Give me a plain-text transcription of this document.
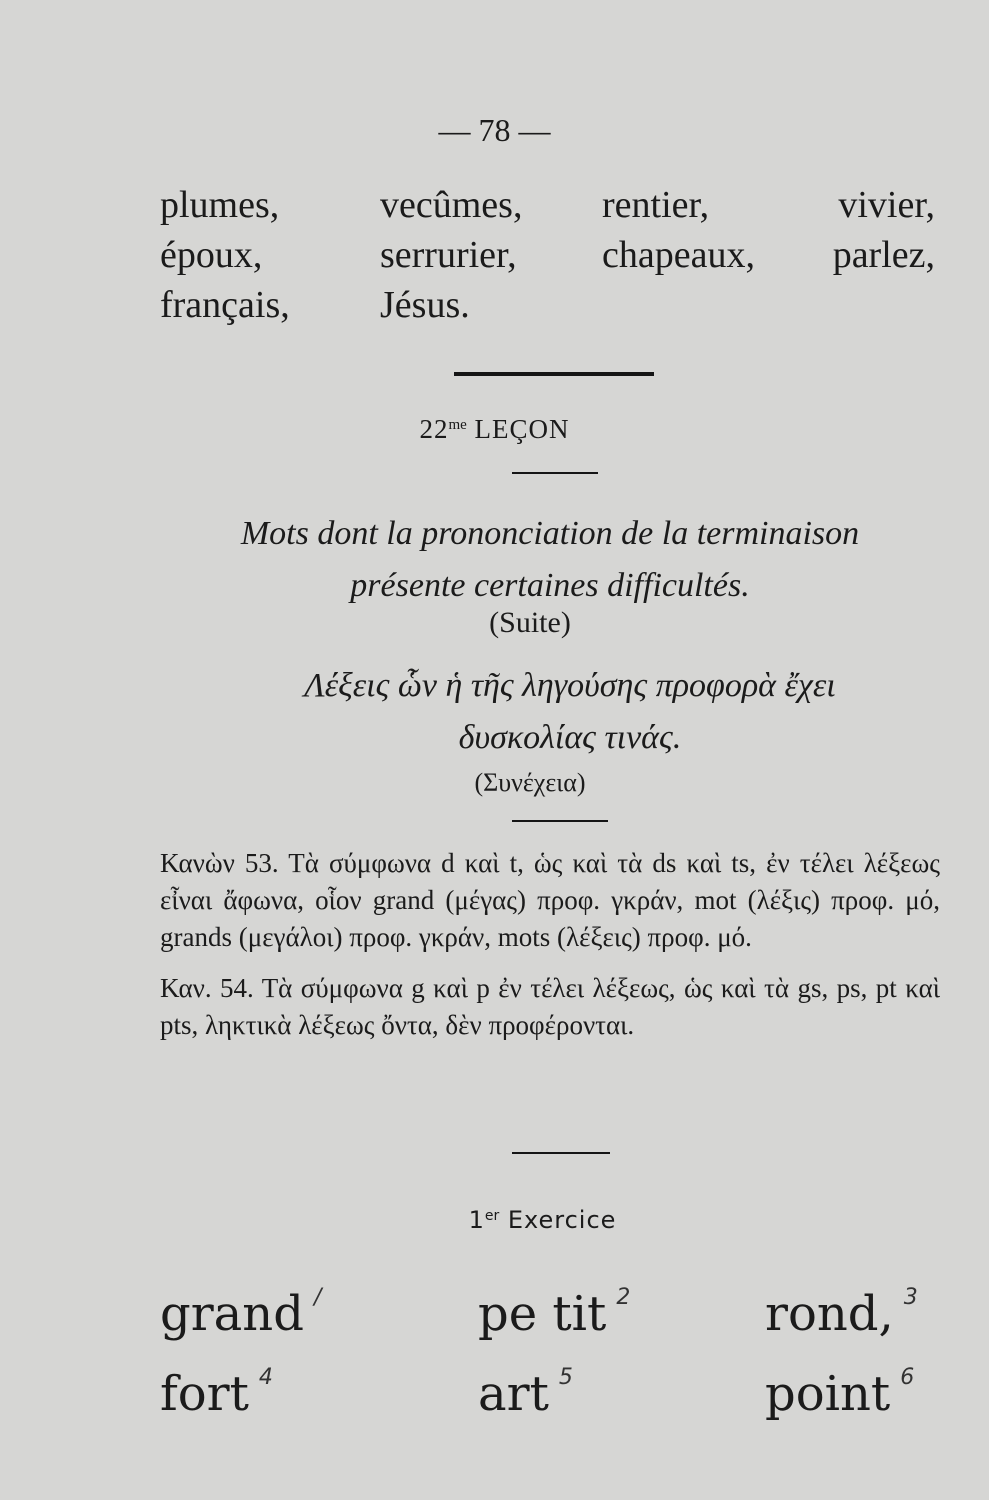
— 78 —
plumes,	vecûmes,	rentier,	vivier,
époux,	serrurier,	chapeaux,	parlez,
français,	Jésus.
$22^{me}$ LEÇON
Mots dont la prononciation de la terminaison
présente certaines difficultés.
(Suite)
Λέξεις ὧν ἡ τῆς ληγούσης προφορὰ ἔχει
δυσκολίας τινάς.
(Συνέχεια)

Κανὼν 53. Τὰ σύμφωνα d καὶ t, ὡς καὶ τὰ ds καὶ ts, ἐν τέλει λέξεως εἶναι ἄφωνα, οἷον grand (μέγας) προφ. γκράν, mot (λέξις) προφ. μό, grands (μεγάλοι) προφ. γκράν, mots (λέξεις) προφ. μό.

Καν. 54. Τὰ σύμφωνα g καὶ p ἐν τέλει λέξεως, ὡς καὶ τὰ gs, ps, pt καὶ pts, ληκτικὰ λέξεως ὄντα, δὲν προφέρονται.

1er Exercice
grand /	pe tit $^2$	rond, $^3$
fort $^4$	art $^5$	point $^6$
